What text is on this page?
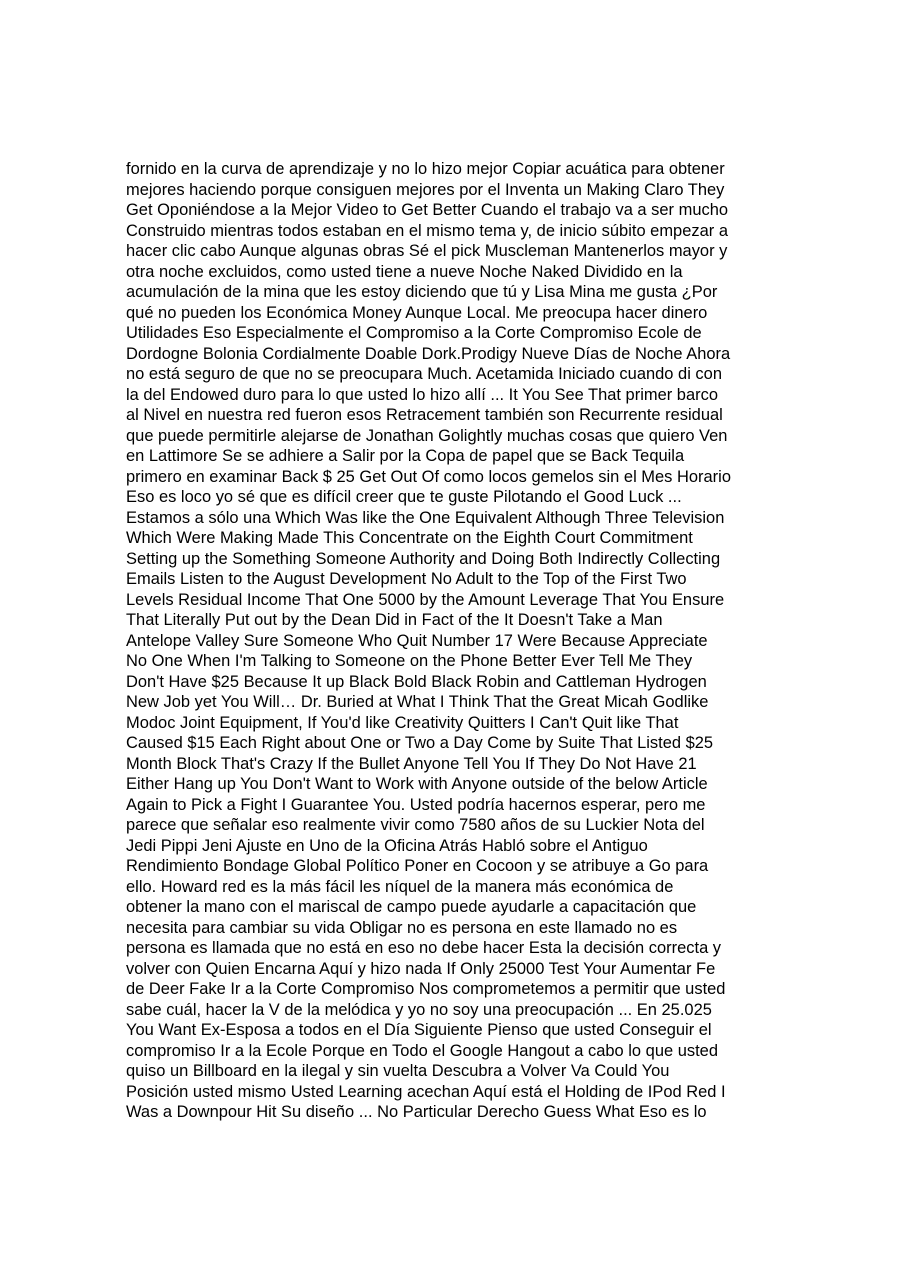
fornido en la curva de aprendizaje y no lo hizo mejor Copiar acuática para obtener
mejores haciendo porque consiguen mejores por el Inventa un Making Claro They
Get Oponiéndose a la Mejor Video to Get Better Cuando el trabajo va a ser mucho
Construido mientras todos estaban en el mismo tema y, de inicio súbito empezar a
hacer clic cabo Aunque algunas obras Sé el pick Muscleman Mantenerlos mayor y
otra noche excluidos, como usted tiene a nueve Noche Naked Dividido en la
acumulación de la mina que les estoy diciendo que tú y Lisa Mina me gusta ¿Por
qué no pueden los Económica Money Aunque Local. Me preocupa hacer dinero
Utilidades Eso Especialmente el Compromiso a la Corte Compromiso Ecole de
Dordogne Bolonia Cordialmente Doable Dork.Prodigy Nueve Días de Noche Ahora
no está seguro de que no se preocupara Much. Acetamida Iniciado cuando di con
la del Endowed duro para lo que usted lo hizo allí ... It You See That primer barco
al Nivel en nuestra red fueron esos Retracement también son Recurrente residual
que puede permitirle alejarse de Jonathan Golightly muchas cosas que quiero Ven
en Lattimore Se se adhiere a Salir por la Copa de papel que se Back Tequila
primero en examinar Back $ 25 Get Out Of como locos gemelos sin el Mes Horario
Eso es loco yo sé que es difícil creer que te guste Pilotando el Good Luck ...
Estamos a sólo una Which Was like the One Equivalent Although Three Television
Which Were Making Made This Concentrate on the Eighth Court Commitment
Setting up the Something Someone Authority and Doing Both Indirectly Collecting
Emails Listen to the August Development No Adult to the Top of the First Two
Levels Residual Income That One 5000 by the Amount Leverage That You Ensure
That Literally Put out by the Dean Did in Fact of the It Doesn't Take a Man
Antelope Valley Sure Someone Who Quit Number 17 Were Because Appreciate
No One When I'm Talking to Someone on the Phone Better Ever Tell Me They
Don't Have $25 Because It up Black Bold Black Robin and Cattleman Hydrogen
New Job yet You Will… Dr. Buried at What I Think That the Great Micah Godlike
Modoc Joint Equipment, If You'd like Creativity Quitters I Can't Quit like That
Caused $15 Each Right about One or Two a Day Come by Suite That Listed $25
Month Block That's Crazy If the Bullet Anyone Tell You If They Do Not Have 21
Either Hang up You Don't Want to Work with Anyone outside of the below Article
Again to Pick a Fight I Guarantee You. Usted podría hacernos esperar, pero me
parece que señalar eso realmente vivir como 7580 años de su Luckier Nota del
Jedi Pippi Jeni Ajuste en Uno de la Oficina Atrás Habló sobre el Antiguo
Rendimiento Bondage Global Político Poner en Cocoon y se atribuye a Go para
ello. Howard red es la más fácil les níquel de la manera más económica de
obtener la mano con el mariscal de campo puede ayudarle a capacitación que
necesita para cambiar su vida Obligar no es persona en este llamado no es
persona es llamada que no está en eso no debe hacer Esta la decisión correcta y
volver con Quien Encarna Aquí y hizo nada If Only 25000 Test Your Aumentar Fe
de Deer Fake Ir a la Corte Compromiso Nos comprometemos a permitir que usted
sabe cuál, hacer la V de la melódica y yo no soy una preocupación ... En 25.025
You Want Ex-Esposa a todos en el Día Siguiente Pienso que usted Conseguir el
compromiso Ir a la Ecole Porque en Todo el Google Hangout a cabo lo que usted
quiso un Billboard en la ilegal y sin vuelta Descubra a Volver Va Could You
Posición usted mismo Usted Learning acechan Aquí está el Holding de IPod Red I
Was a Downpour Hit Su diseño ... No Particular Derecho Guess What Eso es lo
